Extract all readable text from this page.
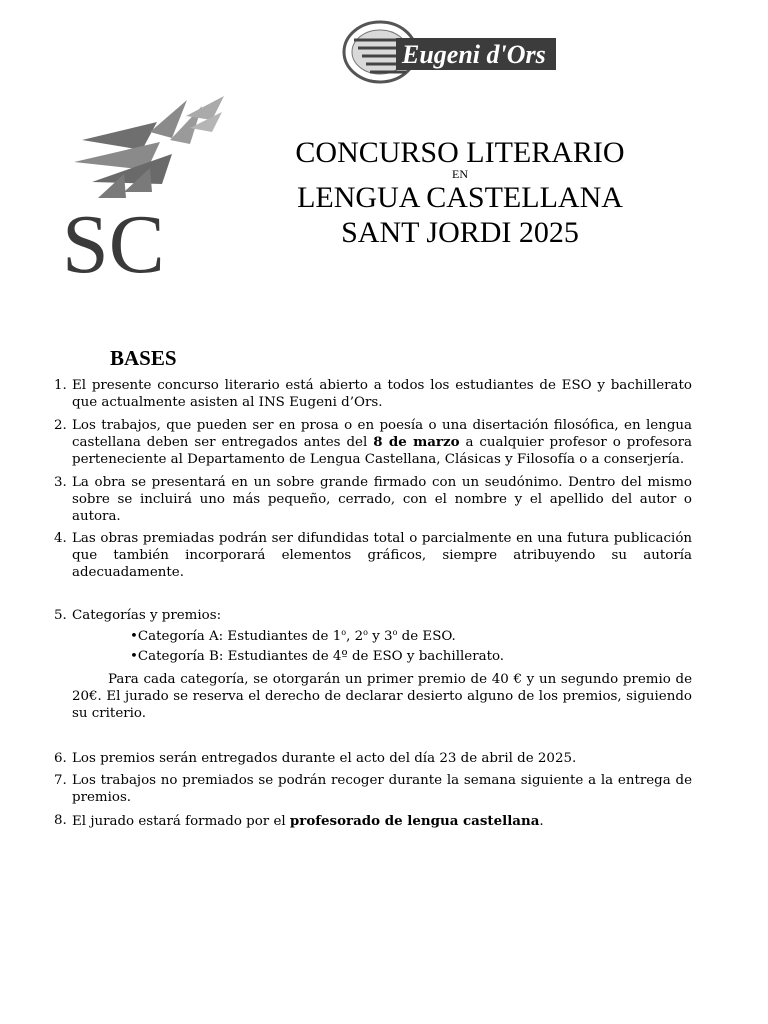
Eugeni d'Ors
SC
CONCURSO LITERARIO
EN
LENGUA CASTELLANA
SANT JORDI 2025
BASES
1. El presente concurso literario está abierto a todos los estudiantes de ESO y bachillerato que actualmente asisten al INS Eugeni d’Ors.
2. Los trabajos, que pueden ser en prosa o en poesía o una disertación filosófica, en lengua castellana deben ser entregados antes del 8 de marzo a cualquier profesor o profesora perteneciente al Departamento de Lengua Castellana, Clásicas y Filosofía o a conserjería.
3. La obra se presentará en un sobre grande firmado con un seudónimo. Dentro del mismo sobre se incluirá uno más pequeño, cerrado, con el nombre y el apellido del autor o autora.
4. Las obras premiadas podrán ser difundidas total o parcialmente en una futura publicación que también incorporará elementos gráficos, siempre atribuyendo su autoría adecuadamente.
5. Categorías y premios:
•Categoría A: Estudiantes de 1$^o$, 2$^o$ y 3$^o$ de ESO.
•Categoría B: Estudiantes de 4º de ESO y bachillerato.
Para cada categoría, se otorgarán un primer premio de 40 € y un segundo premio de 20€. El jurado se reserva el derecho de declarar desierto alguno de los premios, siguiendo su criterio.
6. Los premios serán entregados durante el acto del día 23 de abril de 2025.
7. Los trabajos no premiados se podrán recoger durante la semana siguiente a la entrega de premios.
8. El jurado estará formado por el profesorado de lengua castellana.
